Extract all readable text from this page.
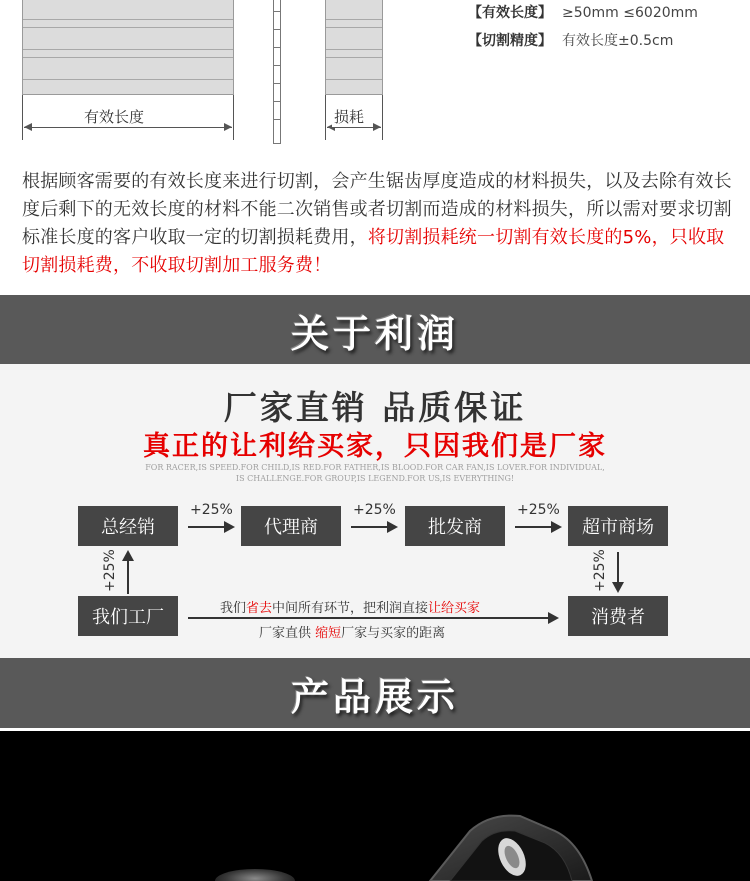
有效长度	损耗
【有效长度】 ≥50mm ≤6020mm
【切割精度】 有效长度±0.5cm

根据顾客需要的有效长度来进行切割，会产生锯齿厚度造成的材料损失，以及去除有效长度后剩下的无效长度的材料不能二次销售或者切割而造成的材料损失，所以需对要求切割标准长度的客户收取一定的切割损耗费用，将切割损耗统一切割有效长度的5%，只收取切割损耗费，不收取切割加工服务费！

关于利润
厂家直销 品质保证
真正的让利给买家，只因我们是厂家
FOR RACER,IS SPEED.FOR CHILD,IS RED.FOR FATHER,IS BLOOD.FOR CAR FAN,IS LOVER.FOR INDIVIDUAL,
IS CHALLENGE.FOR GROUP,IS LEGEND.FOR US,IS EVERYTHING!
总经销	代理商	批发商	超市商场
+25%	+25%	+25%
+25%	+25%
我们工厂	消费者
我们省去中间所有环节，把利润直接让给买家
厂家直供 缩短厂家与买家的距离
产品展示
